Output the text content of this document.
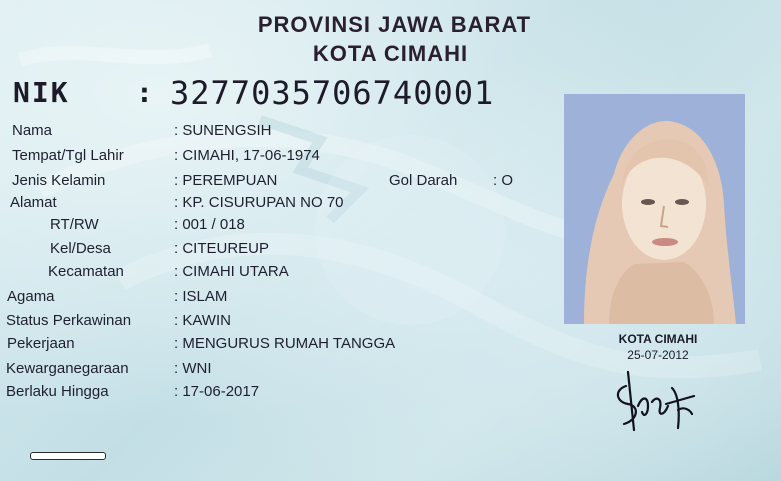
PROVINSI JAWA BARAT
KOTA CIMAHI
NIK : 3277035706740001
Nama	: SUNENGSIH
Tempat/Tgl Lahir	: CIMAHI, 17-06-1974
Jenis Kelamin	: PEREMPUAN	Gol Darah : O
Alamat	: KP. CISURUPAN NO 70
RT/RW	: 001 / 018
Kel/Desa	: CITEUREUP
Kecamatan	: CIMAHI UTARA
Agama	: ISLAM
Status Perkawinan	: KAWIN
Pekerjaan	: MENGURUS RUMAH TANGGA
Kewarganegaraan	: WNI
Berlaku Hingga	: 17-06-2017
KOTA CIMAHI
25-07-2012
